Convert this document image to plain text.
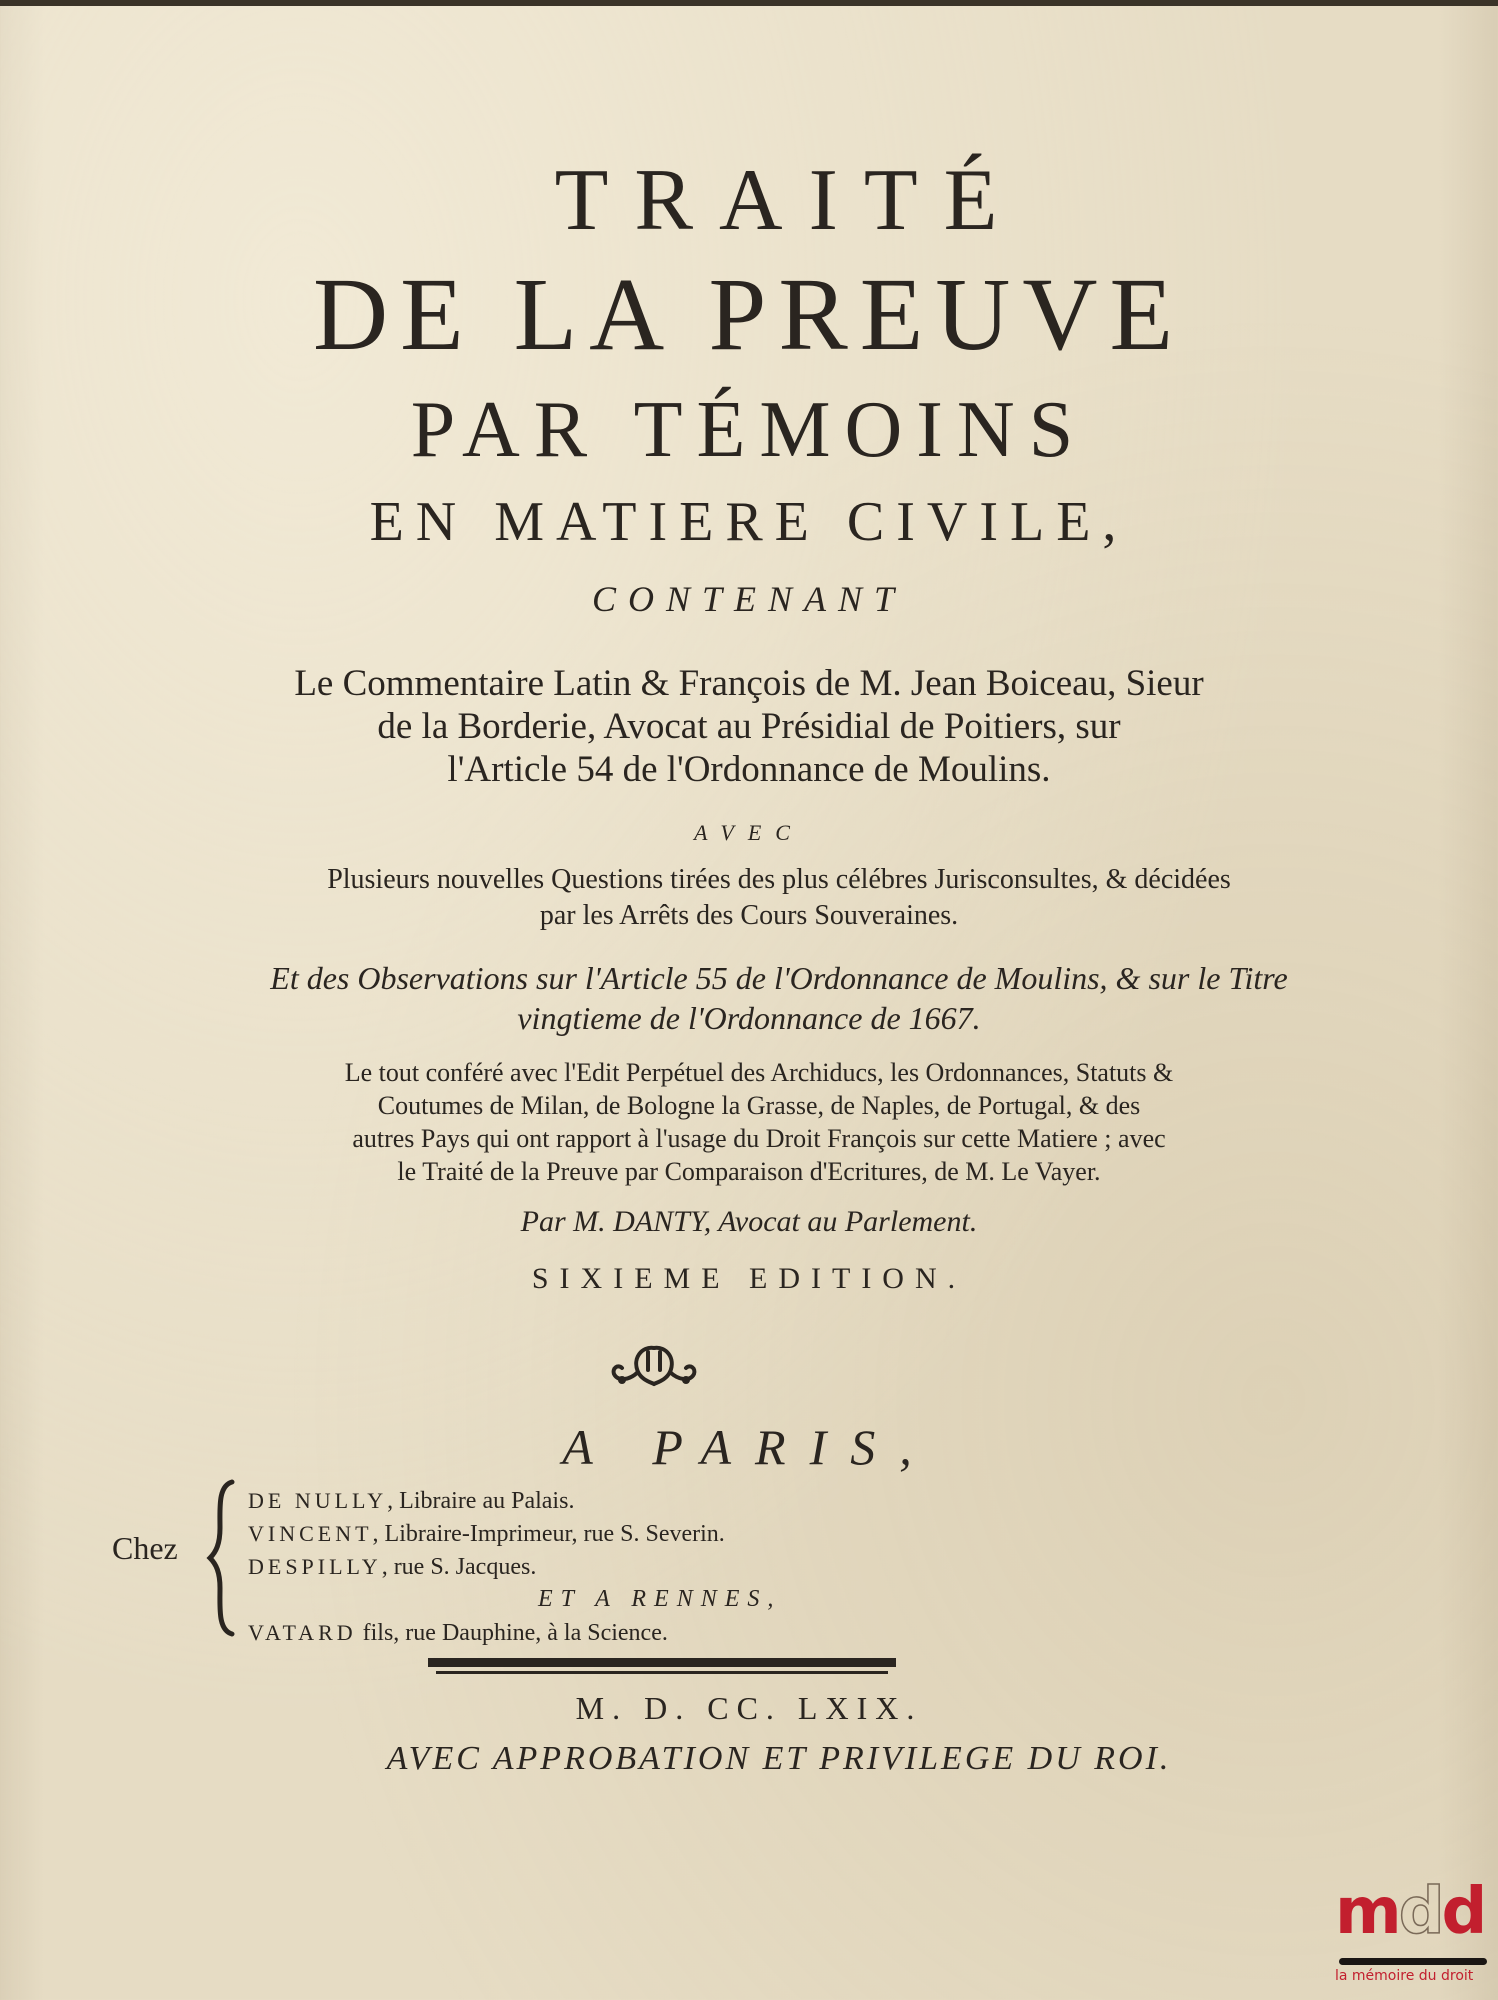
TRAITÉ
DE LA PREUVE
PAR TÉMOINS
EN MATIERE CIVILE,
CONTENANT
Le Commentaire Latin & François de M. Jean Boiceau, Sieur
de la Borderie, Avocat au Présidial de Poitiers, sur
l'Article 54 de l'Ordonnance de Moulins.
AVEC
Plusieurs nouvelles Questions tirées des plus célébres Jurisconsultes, & décidées
par les Arrêts des Cours Souveraines.
Et des Observations sur l'Article 55 de l'Ordonnance de Moulins, & sur le Titre
vingtieme de l'Ordonnance de 1667.
Le tout conféré avec l'Edit Perpétuel des Archiducs, les Ordonnances, Statuts &
Coutumes de Milan, de Bologne la Grasse, de Naples, de Portugal, & des
autres Pays qui ont rapport à l'usage du Droit François sur cette Matiere ; avec
le Traité de la Preuve par Comparaison d'Ecritures, de M. Le Vayer.
Par M. DANTY, Avocat au Parlement.
SIXIEME EDITION.
A PARIS,
Chez
DE NULLY, Libraire au Palais.
VINCENT, Libraire-Imprimeur, rue S. Severin.
DESPILLY, rue S. Jacques.
ET A RENNES,
VATARD fils, rue Dauphine, à la Science.
M. D. CC. LXIX.
AVEC APPROBATION ET PRIVILEGE DU ROI.
mdd
la mémoire du droit
